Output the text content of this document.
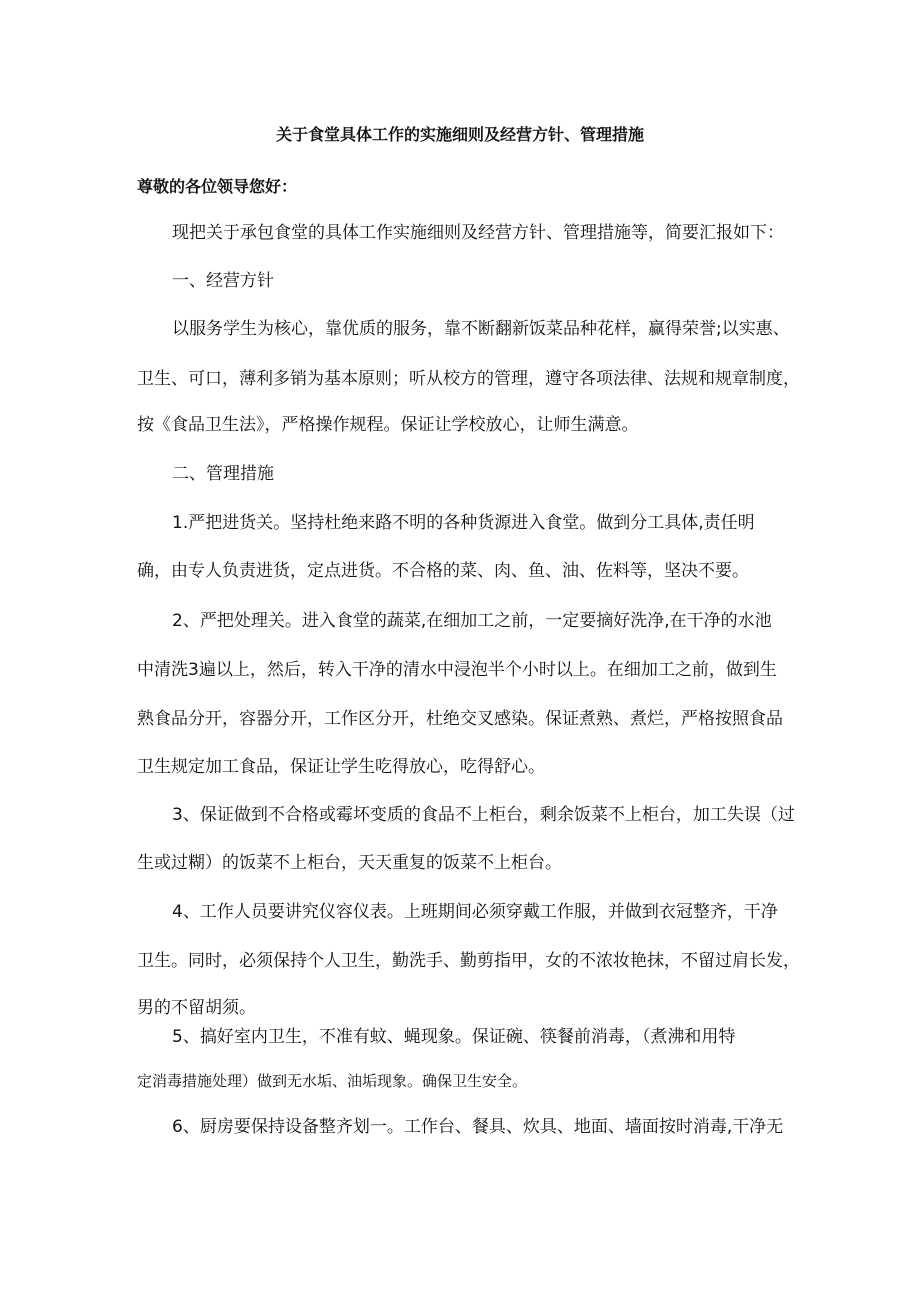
关于食堂具体工作的实施细则及经营方针、管理措施
尊敬的各位领导您好：
现把关于承包食堂的具体工作实施细则及经营方针、管理措施等，简要汇报如下：
一、经营方针
以服务学生为核心，靠优质的服务，靠不断翻新饭菜品种花样，赢得荣誉;以实惠、
卫生、可口，薄利多销为基本原则；听从校方的管理，遵守各项法律、法规和规章制度，
按《食品卫生法》，严格操作规程。保证让学校放心，让师生满意。
二、管理措施
1.严把进货关。坚持杜绝来路不明的各种货源进入食堂。做到分工具体,责任明
确，由专人负责进货，定点进货。不合格的菜、肉、鱼、油、佐料等，坚决不要。
2、严把处理关。进入食堂的蔬菜,在细加工之前，一定要摘好洗净,在干净的水池
中清洗3遍以上，然后，转入干净的清水中浸泡半个小时以上。在细加工之前，做到生
熟食品分开，容器分开，工作区分开，杜绝交叉感染。保证煮熟、煮烂，严格按照食品
卫生规定加工食品，保证让学生吃得放心，吃得舒心。
3、保证做到不合格或霉坏变质的食品不上柜台，剩余饭菜不上柜台，加工失误（过
生或过糊）的饭菜不上柜台，天天重复的饭菜不上柜台。
4、工作人员要讲究仪容仪表。上班期间必须穿戴工作服，并做到衣冠整齐，干净
卫生。同时，必须保持个人卫生，勤洗手、勤剪指甲，女的不浓妆艳抹，不留过肩长发，
男的不留胡须。
5、搞好室内卫生，不准有蚊、蝇现象。保证碗、筷餐前消毒，（煮沸和用特
定消毒措施处理）做到无水垢、油垢现象。确保卫生安全。
6、厨房要保持设备整齐划一。工作台、餐具、炊具、地面、墙面按时消毒,干净无
